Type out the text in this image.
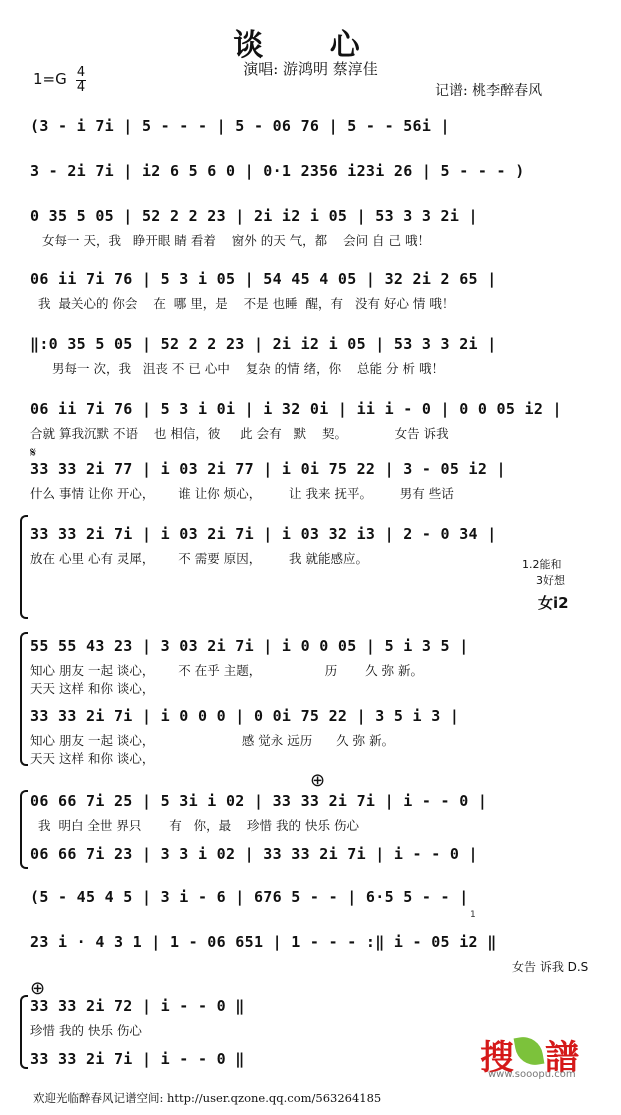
谈 心
演唱: 游鸿明 蔡淳佳
1=G 4
4	记谱: 桃李醉春风
(3 - i 7i | 5 - - - | 5 - 06 76 | 5 - - 56i |
3 - 2i 7i | i2 6 5 6 0 | 0·1 2356 i23i 26 | 5 - - - )
0 35 5 05 | 52 2 2 23 | 2i i2 i 05 | 53 3 3 2i |
女每一 天，我   睁开眼 睛 看着    窗外 的天 气，都    会问 自 己 哦！
06 ii 7i 76 | 5 3 i 05 | 54 45 4 05 | 32 2i 2 65 |
我  最关心的 你会    在  哪 里，是    不是 也睡  醒，有   没有 好心 情 哦！
‖:0 35 5 05 | 52 2 2 23 | 2i i2 i 05 | 53 3 3 2i |
男每一 次，我   沮丧 不 已 心中    复杂 的情 绪，你    总能 分 析 哦！
06 ii 7i 76 | 5 3 i 0i | i 32 0i | ii i - 0 | 0 0 05 i2 |
合就 算我沉默 不语    也 相信，彼     此 会有   默    契。            女告 诉我
𝄋
33 33 2i 77 | i 03 2i 77 | i 0i 75 22 | 3 - 05 i2 |
什么 事情 让你 开心，      谁 让你 烦心，       让 我来 抚平。       男有 些话
33 33 2i 7i | i 03 2i 7i | i 03 32 i3 | 2 - 0 34 |
放在 心里 心有 灵犀，      不 需要 原因，       我 就能感应。	1.2能和
3好想
女i2
55 55 43 23 | 3 03 2i 7i | i 0 0 05 | 5 i 3 5 |
知心 朋友 一起 谈心，      不 在乎 主题，                历       久 弥 新。
天天 这样 和你 谈心，
33 33 2i 7i | i 0 0 0 | 0 0i 75 22 | 3 5 i 3 |
知心 朋友 一起 谈心，                      感 觉永 远历      久 弥 新。
天天 这样 和你 谈心，
⊕
06 66 7i 25 | 5 3i i 02 | 33 33 2i 7i | i - - 0 |
我  明白 全世 界只       有   你，最    珍惜 我的 快乐 伤心
06 66 7i 23 | 3 3 i 02 | 33 33 2i 7i | i - - 0 |
(5 - 45 4 5 | 3 i - 6 | 676 5 - - | 6·5 5 - - |
1
23 i · 4 3 1 | 1 - 06 651 | 1 - - - :‖ i - 05 i2 ‖
女告 诉我 D.S
⊕
33 33 2i 72 | i - - 0 ‖
珍惜 我的 快乐 伤心
33 33 2i 7i | i - - 0 ‖	搜 譜
www.sooopu.com
欢迎光临醉春风记谱空间: http://user.qzone.qq.com/563264185
